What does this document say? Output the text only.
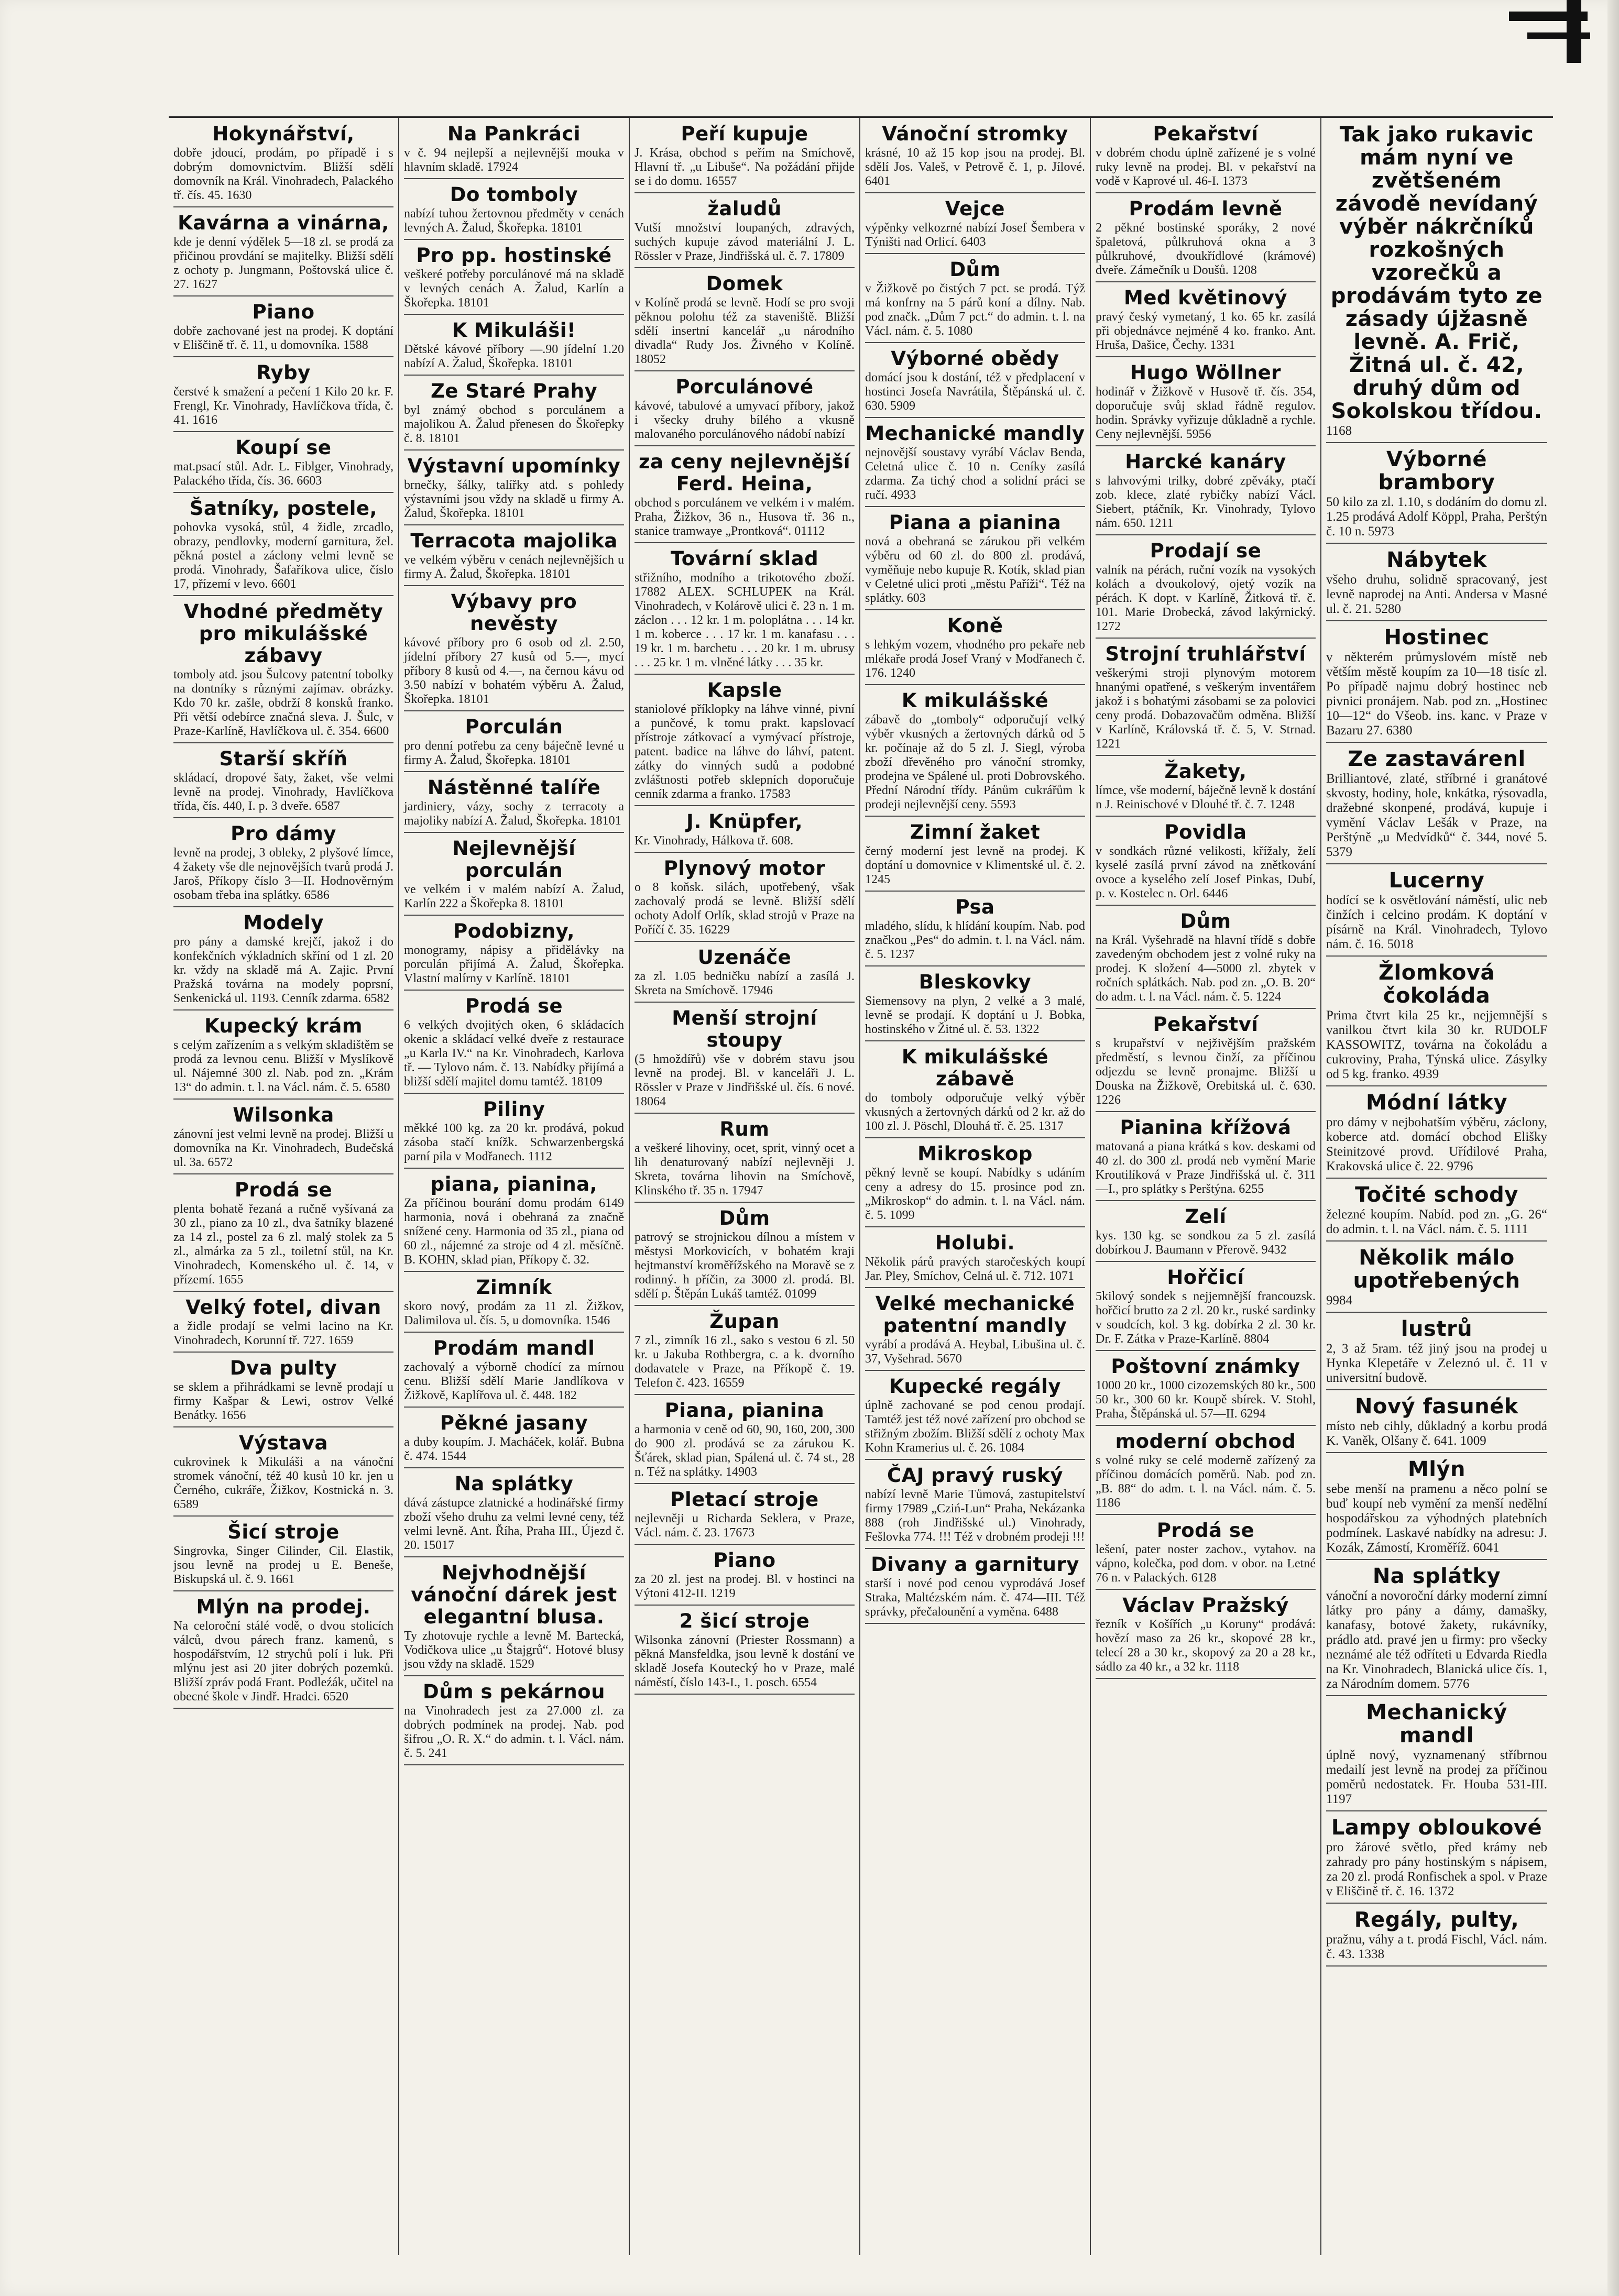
Hokynářství,
dobře jdoucí, prodám, po případě i s dobrým domovnictvím. Bližší sdělí domovník na Král. Vinohradech, Palackého tř. čís. 45. 1630
Kavárna a vinárna,
kde je denní výdělek 5—18 zl. se prodá za přičinou provdání se majitelky. Bližší sdělí z ochoty p. Jungmann, Poštovská ulice č. 27. 1627
Piano
dobře zachované jest na prodej. K doptání v Eliščině tř. č. 11, u domovníka. 1588
Ryby
čerstvé k smažení a pečení 1 Kilo 20 kr. F. Frengl, Kr. Vinohrady, Havlíčkova třída, č. 41. 1616
Koupí se
mat.psací stůl. Adr. L. Fiblger, Vinohrady, Palackého třída, čís. 36. 6603
Šatníky, postele,
pohovka vysoká, stůl, 4 židle, zrcadlo, obrazy, pendlovky, moderní garnitura, žel. pěkná postel a záclony velmi levně se prodá. Vinohrady, Šafaříkova ulice, číslo 17, přízemí v levo. 6601
Vhodné předměty pro mikulášské zábavy
tomboly atd. jsou Šulcovy patentní tobolky na dontníky s různými zajímav. obrázky. Kdo 70 kr. zašle, obdrží 8 konsků franko. Při větší odebírce značná sleva. J. Šulc, v Praze-Karlíně, Havlíčkova ul. č. 354. 6600
Starší skříň
skládací, dropové šaty, žaket, vše velmi levně na prodej. Vinohrady, Havlíčkova třída, čís. 440, I. p. 3 dveře. 6587
Pro dámy
levně na prodej, 3 obleky, 2 plyšové límce, 4 žakety vše dle nejnovějších tvarů prodá J. Jaroš, Příkopy číslo 3—II. Hodnověrným osobam třeba ina splátky. 6586
Modely
pro pány a damské krejčí, jakož i do konfekčních výkladních skříní od 1 zl. 20 kr. vždy na skladě má A. Zajic. První Pražská továrna na modely poprsní, Senkenická ul. 1193. Cenník zdarma. 6582
Kupecký krám
s celým zařízením a s velkým skladištěm se prodá za levnou cenu. Bližší v Myslíkově ul. Nájemné 300 zl. Nab. pod zn. „Krám 13“ do admin. t. l. na Václ. nám. č. 5. 6580
Wilsonka
zánovní jest velmi levně na prodej. Bližší u domovníka na Kr. Vinohradech, Budečská ul. 3a. 6572
Prodá se
plenta bohatě řezaná a ručně vyšívaná za 30 zl., piano za 10 zl., dva šatníky blazené za 14 zl., postel za 6 zl. malý stolek za 5 zl., almárka za 5 zl., toiletní stůl, na Kr. Vinohradech, Komenského ul. č. 14, v přízemí. 1655
Velký fotel, divan
a židle prodají se velmi lacino na Kr. Vinohradech, Korunní tř. 727. 1659
Dva pulty
se sklem a přihrádkami se levně prodají u firmy Kašpar & Lewi, ostrov Velké Benátky. 1656
Výstava
cukrovinek k Mikuláši a na vánoční stromek vánoční, též 40 kusů 10 kr. jen u Černého, cukráře, Žižkov, Kostnická n. 3. 6589
Šicí stroje
Singrovka, Singer Cilinder, Cil. Elastik, jsou levně na prodej u E. Beneše, Biskupská ul. č. 9. 1661
Mlýn na prodej.
Na celoroční stálé vodě, o dvou stolicích válců, dvou párech franz. kamenů, s hospodářstvím, 12 strychů polí i luk. Při mlýnu jest asi 20 jiter dobrých pozemků. Bližší zpráv podá Frant. Podleźák, učitel na obecné škole v Jindř. Hradci. 6520
Na Pankráci
v č. 94 nejlepší a nejlevnější mouka v hlavním skladě. 17924
Do tomboly
nabízí tuhou žertovnou předměty v cenách levných A. Žalud, Škořepka. 18101
Pro pp. hostinské
veškeré potřeby porculánové má na skladě v levných cenách A. Žalud, Karlín a Škořepka. 18101
K Mikuláši!
Dětské kávové příbory —.90 jídelní 1.20 nabízí A. Žalud, Škořepka. 18101
Ze Staré Prahy
byl známý obchod s porculánem a majolikou A. Žalud přenesen do Škořepky č. 8. 18101
Výstavní upomínky
brnečky, šálky, talířky atd. s pohledy výstavními jsou vždy na skladě u firmy A. Žalud, Škořepka. 18101
Terracota majolika
ve velkém výběru v cenách nejlevnějších u firmy A. Žalud, Škořepka. 18101
Výbavy pro nevěsty
kávové příbory pro 6 osob od zl. 2.50, jídelní příbory 27 kusů od 5.—, mycí příbory 8 kusů od 4.—, na černou kávu od 3.50 nabízí v bohatém výběru A. Žalud, Škořepka. 18101
Porculán
pro denní potřebu za ceny báječně levné u firmy A. Žalud, Škořepka. 18101
Nástěnné talíře
jardiniery, vázy, sochy z terracoty a majoliky nabízí A. Žalud, Škořepka. 18101
Nejlevnější porculán
ve velkém i v malém nabízí A. Žalud, Karlín 222 a Škořepka 8. 18101
Podobizny,
monogramy, nápisy a přidělávky na porculán přijímá A. Žalud, Škořepka. Vlastní malírny v Karlíně. 18101
Prodá se
6 velkých dvojitých oken, 6 skládacích okenic a skládací velké dveře z restaurace „u Karla IV.“ na Kr. Vinohradech, Karlova tř. — Tylovo nám. č. 13. Nabídky přijímá a bližší sdělí majitel domu tamtéž. 18109
Piliny
měkké 100 kg. za 20 kr. prodává, pokud zásoba stačí knížk. Schwarzenbergská parní pila v Modřanech. 1112
piana, pianina,
Za příčinou bourání domu prodám 6149 harmonia, nová i obehraná za značně snížené ceny. Harmonia od 35 zl., piana od 60 zl., nájemné za stroje od 4 zl. měsíčně. B. KOHN, sklad pian, Příkopy č. 32.
Zimník
skoro nový, prodám za 11 zl. Žižkov, Dalimilova ul. čís. 5, u domovníka. 1546
Prodám mandl
zachovalý a výborně chodící za mírnou cenu. Bližší sdělí Marie Jandlíkova v Žižkově, Kaplířova ul. č. 448. 182
Pěkné jasany
a duby koupím. J. Macháček, kolář. Bubna č. 474. 1544
Na splátky
dává zástupce zlatnické a hodinářské firmy zboží všeho druhu za velmi levné ceny, též velmi levně. Ant. Říha, Praha III., Újezd č. 20. 15017
Nejvhodnější vánoční dárek jest elegantní blusa.
Ty zhotovuje rychle a levně M. Bartecká, Vodičkova ulice „u Štajgrů“. Hotové blusy jsou vždy na skladě. 1529
Dům s pekárnou
na Vinohradech jest za 27.000 zl. za dobrých podmínek na prodej. Nab. pod šifrou „O. R. X.“ do admin. t. l. Václ. nám. č. 5. 241
Peří kupuje
J. Krása, obchod s peřím na Smíchově, Hlavní tř. „u Libuše“. Na požádání přijde se i do domu. 16557
žaludů
Vutší množství loupaných, zdravých, suchých kupuje závod materiální J. L. Rössler v Praze, Jindřišská ul. č. 7. 17809
Domek
v Kolíně prodá se levně. Hodí se pro svoji pěknou polohu též za staveniště. Bližší sdělí insertní kancelář „u národního divadla“ Rudy Jos. Živného v Kolíně. 18052
Porculánové
kávové, tabulové a umyvací příbory, jakož i všecky druhy bílého a vkusně malovaného porculánového nádobí nabízí
za ceny nejlevnější Ferd. Heina,
obchod s porculánem ve velkém i v malém. Praha, Žižkov, 36 n., Husova tř. 36 n., stanice tramwaye „Prontková“. 01112
Tovární sklad
střižního, modního a trikotového zboží. 17882 ALEX. SCHLUPEK na Král. Vinohradech, v Kolárově ulici č. 23 n. 1 m. záclon . . . 12 kr. 1 m. poloplátna . . . 14 kr. 1 m. koberce . . . 17 kr. 1 m. kanafasu . . . 19 kr. 1 m. barchetu . . . 20 kr. 1 m. ubrusy . . . 25 kr. 1 m. vlněné látky . . . 35 kr.
Kapsle
staniolové příklopky na láhve vinné, pivní a punčové, k tomu prakt. kapslovací přístroje zátkovací a vymývací přístroje, patent. badice na láhve do láhví, patent. zátky do vinných sudů a podobné zvláštnosti potřeb sklepních doporučuje cenník zdarma a franko. 17583
J. Knüpfer,
Kr. Vinohrady, Hálkova tř. 608.
Plynový motor
o 8 koňsk. silách, upotřebený, však zachovalý prodá se levně. Bližší sdělí ochoty Adolf Orlík, sklad strojů v Praze na Poříčí č. 35. 16229
Uzenáče
za zl. 1.05 bedničku nabízí a zasílá J. Skreta na Smíchově. 17946
Menší strojní stoupy
(5 hmoždířů) vše v dobrém stavu jsou levně na prodej. Bl. v kanceláři J. L. Rössler v Praze v Jindřišské ul. čís. 6 nové. 18064
Rum
a veškeré lihoviny, ocet, sprit, vinný ocet a lih denaturovaný nabízí nejlevněji J. Skreta, továrna lihovin na Smíchově, Klinského tř. 35 n. 17947
Dům
patrový se strojnickou dílnou a místem v městysi Morkovicích, v bohatém kraji hejtmanství kroměřížského na Moravě se z rodinný. h příčin, za 3000 zl. prodá. Bl. sdělí p. Štěpán Lukáš tamtéž. 01099
Župan
7 zl., zimník 16 zl., sako s vestou 6 zl. 50 kr. u Jakuba Rothbergra, c. a k. dvorního dodavatele v Praze, na Příkopě č. 19. Telefon č. 423. 16559
Piana, pianina
a harmonia v ceně od 60, 90, 160, 200, 300 do 900 zl. prodává se za zárukou K. Šťárek, sklad pian, Spálená ul. č. 74 st., 28 n. Též na splátky. 14903
Pletací stroje
nejlevněji u Richarda Seklera, v Praze, Václ. nám. č. 23. 17673
Piano
za 20 zl. jest na prodej. Bl. v hostinci na Výtoni 412-II. 1219
2 šicí stroje
Wilsonka zánovní (Priester Rossmann) a pěkná Mansfeldka, jsou levně k dostání ve skladě Josefa Koutecký ho v Praze, malé náměstí, číslo 143-I., 1. posch. 6554
Vánoční stromky
krásné, 10 až 15 kop jsou na prodej. Bl. sdělí Jos. Valeš, v Petrově č. 1, p. Jílové. 6401
Vejce
výpěnky velkozrné nabízí Josef Šembera v Týništi nad Orlicí. 6403
Dům
v Žižkově po čistých 7 pct. se prodá. Týž má konfrny na 5 párů koní a dílny. Nab. pod značk. „Dům 7 pct.“ do admin. t. l. na Václ. nám. č. 5. 1080
Výborné obědy
domácí jsou k dostání, též v předplacení v hostinci Josefa Navrátila, Štěpánská ul. č. 630. 5909
Mechanické mandly
nejnovější soustavy vyrábí Václav Benda, Celetná ulice č. 10 n. Ceníky zasílá zdarma. Za tichý chod a solidní práci se ručí. 4933
Piana a pianina
nová a obehraná se zárukou při velkém výběru od 60 zl. do 800 zl. prodává, vyměňuje nebo kupuje R. Kotík, sklad pian v Celetné ulici proti „městu Paříži“. Též na splátky. 603
Koně
s lehkým vozem, vhodného pro pekaře neb mlékaře prodá Josef Vraný v Modřanech č. 176. 1240
K mikulášské
zábavě do „tomboly“ odporučují velký výběr vkusných a žertovných dárků od 5 kr. počínaje až do 5 zl. J. Siegl, výroba zboží dřevěného pro vánoční stromky, prodejna ve Spálené ul. proti Dobrovského. Přední Národní třídy. Pánům cukrářům k prodeji nejlevnější ceny. 5593
Zimní žaket
černý moderní jest levně na prodej. K doptání u domovnice v Klimentské ul. č. 2. 1245
Psa
mladého, slídu, k hlídání koupím. Nab. pod značkou „Pes“ do admin. t. l. na Václ. nám. č. 5. 1237
Bleskovky
Siemensovy na plyn, 2 velké a 3 malé, levně se prodají. K doptání u J. Bobka, hostinského v Žitné ul. č. 53. 1322
K mikulášské zábavě
do tomboly odporučuje velký výběr vkusných a žertovných dárků od 2 kr. až do 100 zl. J. Pöschl, Dlouhá tř. č. 25. 1317
Mikroskop
pěkný levně se koupí. Nabídky s udáním ceny a adresy do 15. prosince pod zn. „Mikroskop“ do admin. t. l. na Václ. nám. č. 5. 1099
Holubi.
Několik párů pravých staročeských koupí Jar. Pley, Smíchov, Celná ul. č. 712. 1071
Velké mechanické patentní mandly
vyrábí a prodává A. Heybal, Libušina ul. č. 37, Vyšehrad. 5670
Kupecké regály
úplně zachované se pod cenou prodají. Tamtéž jest též nové zařízení pro obchod se střižným zbožím. Bližší sdělí z ochoty Max Kohn Kramerius ul. č. 26. 1084
ČAJ pravý ruský
nabízí levně Marie Tůmová, zastupitelství firmy 17989 „Cziń-Lun“ Praha, Nekázanka 888 (roh Jindřišské ul.) Vinohrady, Fešlovka 774. !!! Též v drobném prodeji !!!
Divany a garnitury
starší i nové pod cenou vyprodává Josef Straka, Maltézském nám. č. 474—III. Též správky, přečalounění a vyměna. 6488
Pekařství
v dobrém chodu úplně zařízené je s volné ruky levně na prodej. Bl. v pekařství na vodě v Kaprové ul. 46-I. 1373
Prodám levně
2 pěkné bostinské sporáky, 2 nové špaletová, půlkruhová okna a 3 půlkruhové, dvoukřídlové (krámové) dveře. Zámečník u Doušů. 1208
Med květinový
pravý český vymetaný, 1 ko. 65 kr. zasílá při objednávce nejméně 4 ko. franko. Ant. Hruša, Dašice, Čechy. 1331
Hugo Wöllner
hodinář v Žižkově v Husově tř. čís. 354, doporučuje svůj sklad řádně regulov. hodin. Správky vyřizuje důkladně a rychle. Ceny nejlevnější. 5956
Harcké kanáry
s lahvovými trilky, dobré zpěváky, ptačí zob. klece, zlaté rybičky nabízí Václ. Siebert, ptáčník, Kr. Vinohrady, Tylovo nám. 650. 1211
Prodají se
valník na pérách, ruční vozík na vysokých kolách a dvoukolový, ojetý vozík na pérách. K dopt. v Karlíně, Žitková tř. č. 101. Marie Drobecká, závod lakýrnický. 1272
Strojní truhlářství
veškerými stroji plynovým motorem hnanými opatřené, s veškerým inventářem jakož i s bohatými zásobami se za polovici ceny prodá. Dobazovačům odměna. Bližší v Karlíně, Královská tř. č. 5, V. Strnad. 1221
Žakety,
límce, vše moderní, báječně levně k dostání n J. Reinischové v Dlouhé tř. č. 7. 1248
Povidla
v sondkách různé velikosti, křížaly, želí kyselé zasílá první závod na znětkování ovoce a kyselého zelí Josef Pinkas, Dubí, p. v. Kostelec n. Orl. 6446
Dům
na Král. Vyšehradě na hlavní třídě s dobře zavedeným obchodem jest z volné ruky na prodej. K složení 4—5000 zl. zbytek v ročních splátkách. Nab. pod zn. „O. B. 20“ do adm. t. l. na Václ. nám. č. 5. 1224
Pekařství
s krupařství v nejživějším pražském předměstí, s levnou činží, za příčinou odjezdu se levně pronajme. Bližší u Douska na Žižkově, Orebitská ul. č. 630. 1226
Pianina křížová
matovaná a piana krátká s kov. deskami od 40 zl. do 300 zl. prodá neb vymění Marie Kroutilíková v Praze Jindřišská ul. č. 311—I., pro splátky s Perštýna. 6255
Zelí
kys. 130 kg. se sondkou za 5 zl. zasílá dobírkou J. Baumann v Přerově. 9432
Hořčicí
5kilový sondek s nejjemnější francouzsk. hořčicí brutto za 2 zl. 20 kr., ruské sardinky v soudcích, kol. 3 kg. dobírka 2 zl. 30 kr. Dr. F. Zátka v Praze-Karlíně. 8804
Poštovní známky
1000 20 kr., 1000 cizozemských 80 kr., 500 50 kr., 300 60 kr. Koupě sbírek. V. Stohl, Praha, Štěpánská ul. 57—II. 6294
moderní obchod
s volné ruky se celé moderně zařízený za příčinou domácích poměrů. Nab. pod zn. „B. 88“ do adm. t. l. na Václ. nám. č. 5. 1186
Prodá se
lešení, pater noster zachov., vytahov. na vápno, kolečka, pod dom. v obor. na Letné 76 n. v Palackých. 6128
Václav Pražský
řezník v Košířích „u Koruny“ prodává: hovězí maso za 26 kr., skopové 28 kr., telecí 28 a 30 kr., skopový za 20 a 28 kr., sádlo za 40 kr., a 32 kr. 1118
Tak jako rukavic mám nyní ve zvětšeném závodě nevídaný výběr nákrčníků rozkošných vzorečků a prodávám tyto ze zásady újžasně levně. A. Frič, Žitná ul. č. 42, druhý dům od Sokolskou třídou.
1168
Výborné brambory
50 kilo za zl. 1.10, s dodáním do domu zl. 1.25 prodává Adolf Köppl, Praha, Perštýn č. 10 n. 5973
Nábytek
všeho druhu, solidně spracovaný, jest levně naprodej na Anti. Andersa v Masné ul. č. 21. 5280
Hostinec
v některém průmyslovém místě neb větším městě koupím za 10—18 tisíc zl. Po případě najmu dobrý hostinec neb pivnici pronájem. Nab. pod zn. „Hostinec 10—12“ do Všeob. ins. kanc. v Praze v Bazaru 27. 6380
Ze zastavárenl
Brilliantové, zlaté, stříbrné i granátové skvosty, hodiny, hole, knkátka, rýsovadla, dražebné skonpené, prodává, kupuje i vymění Václav Lešák v Praze, na Perštýně „u Medvídků“ č. 344, nové 5. 5379
Lucerny
hodící se k osvětlování náměstí, ulic neb činžích i celcino prodám. K doptání v písárně na Král. Vinohradech, Tylovo nám. č. 16. 5018
Žlomková čokoláda
Prima čtvrt kila 25 kr., nejjemnější s vanilkou čtvrt kila 30 kr. RUDOLF KASSOWITZ, továrna na čokoládu a cukroviny, Praha, Týnská ulice. Zásylky od 5 kg. franko. 4939
Módní látky
pro dámy v nejbohatším výběru, záclony, koberce atd. domácí obchod Elišky Steinitzové provd. Uřídilové Praha, Krakovská ulice č. 22. 9796
Točité schody
železné koupím. Nabíd. pod zn. „G. 26“ do admin. t. l. na Václ. nám. č. 5. 1111
Několik málo upotřebených
9984
lustrů
2, 3 až 5ram. též jiný jsou na prodej u Hynka Klepetáře v Zeleznó ul. č. 11 v universitní budově.
Nový fasunék
místo neb cihly, důkladný a korbu prodá K. Vaněk, Olšany č. 641. 1009
Mlýn
sebe menší na pramenu a něco polní se buď koupí neb vymění za menší nedělní hospodářskou za výhodných platebních podmínek. Laskavé nabídky na adresu: J. Kozák, Zámostí, Kroměříž. 6041
Na splátky
vánoční a novoroční dárky moderní zimní látky pro pány a dámy, damašky, kanafasy, botové žakety, rukávníky, prádlo atd. pravé jen u firmy: pro všecky neznámé ale též odříteti u Edvarda Riedla na Kr. Vinohradech, Blanická ulice čís. 1, za Národním domem. 5776
Mechanický mandl
úplně nový, vyznamenaný stříbrnou medailí jest levně na prodej za příčinou poměrů nedostatek. Fr. Houba 531-III. 1197
Lampy obloukové
pro žárové světlo, před krámy neb zahrady pro pány hostinským s nápisem, za 20 zl. prodá Ronfischek a spol. v Praze v Eliščině tř. č. 16. 1372
Regály, pulty,
pražnu, váhy a t. prodá Fischl, Václ. nám. č. 43. 1338
